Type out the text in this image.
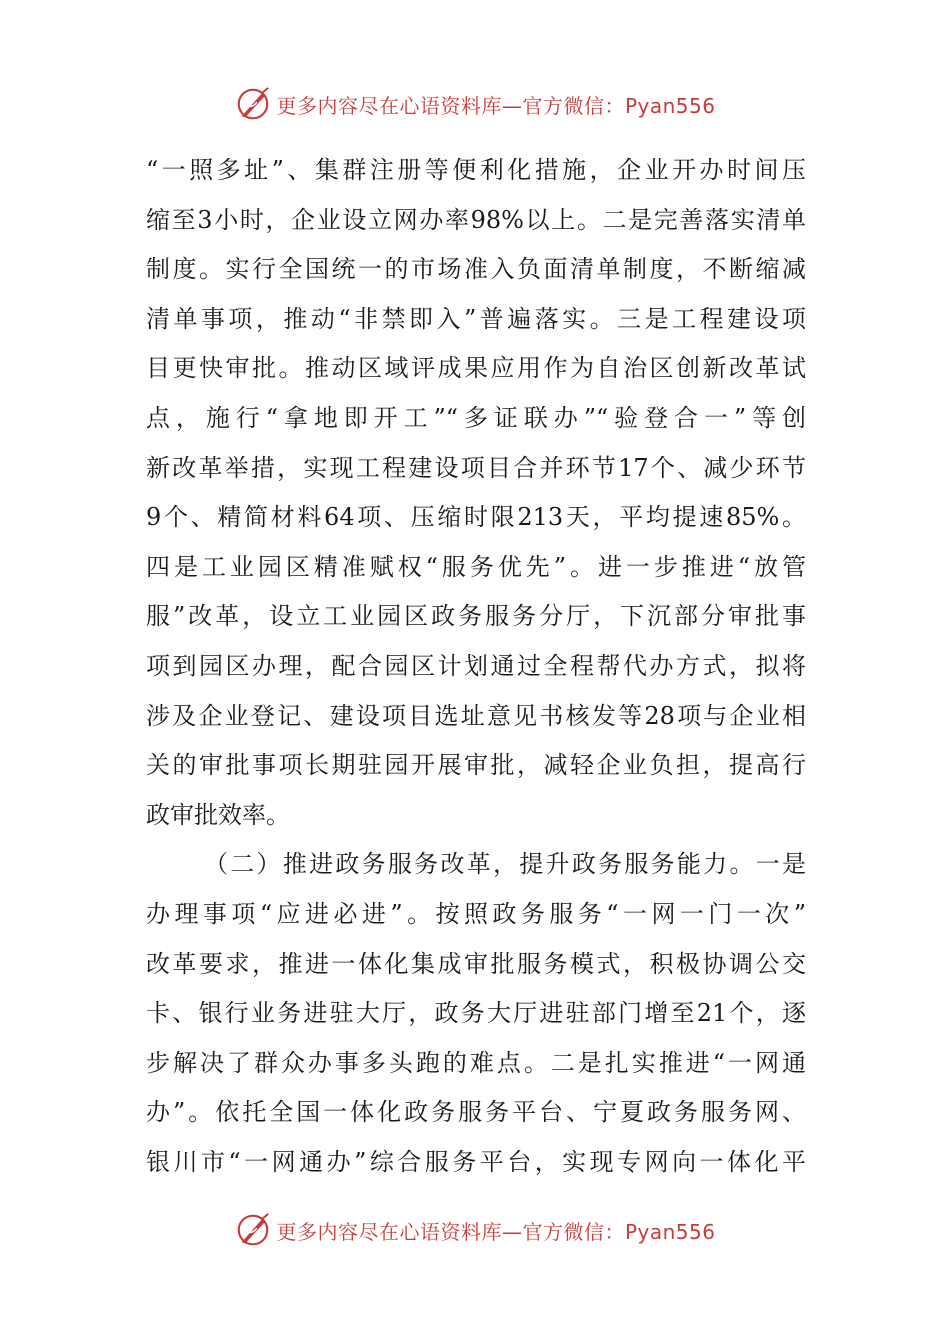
更多内容尽在心语资料库—官方微信：Pyan556
“一照多址”、集群注册等便利化措施，企业开办时间压
缩至3小时，企业设立网办率98%以上。二是完善落实清单
制度。实行全国统一的市场准入负面清单制度，不断缩减
清单事项，推动“非禁即入”普遍落实。三是工程建设项
目更快审批。推动区域评成果应用作为自治区创新改革试
点，施行“拿地即开工”“多证联办”“验登合一”等创
新改革举措，实现工程建设项目合并环节17个、减少环节
9个、精简材料64项、压缩时限213天，平均提速85%。
四是工业园区精准赋权“服务优先”。进一步推进“放管
服”改革，设立工业园区政务服务分厅，下沉部分审批事
项到园区办理，配合园区计划通过全程帮代办方式，拟将
涉及企业登记、建设项目选址意见书核发等28项与企业相
关的审批事项长期驻园开展审批，减轻企业负担，提高行
政审批效率。
（二）推进政务服务改革，提升政务服务能力。一是
办理事项“应进必进”。按照政务服务“一网一门一次”
改革要求，推进一体化集成审批服务模式，积极协调公交
卡、银行业务进驻大厅，政务大厅进驻部门增至21个，逐
步解决了群众办事多头跑的难点。二是扎实推进“一网通
办”。依托全国一体化政务服务平台、宁夏政务服务网、
银川市“一网通办”综合服务平台，实现专网向一体化平
更多内容尽在心语资料库—官方微信：Pyan556
